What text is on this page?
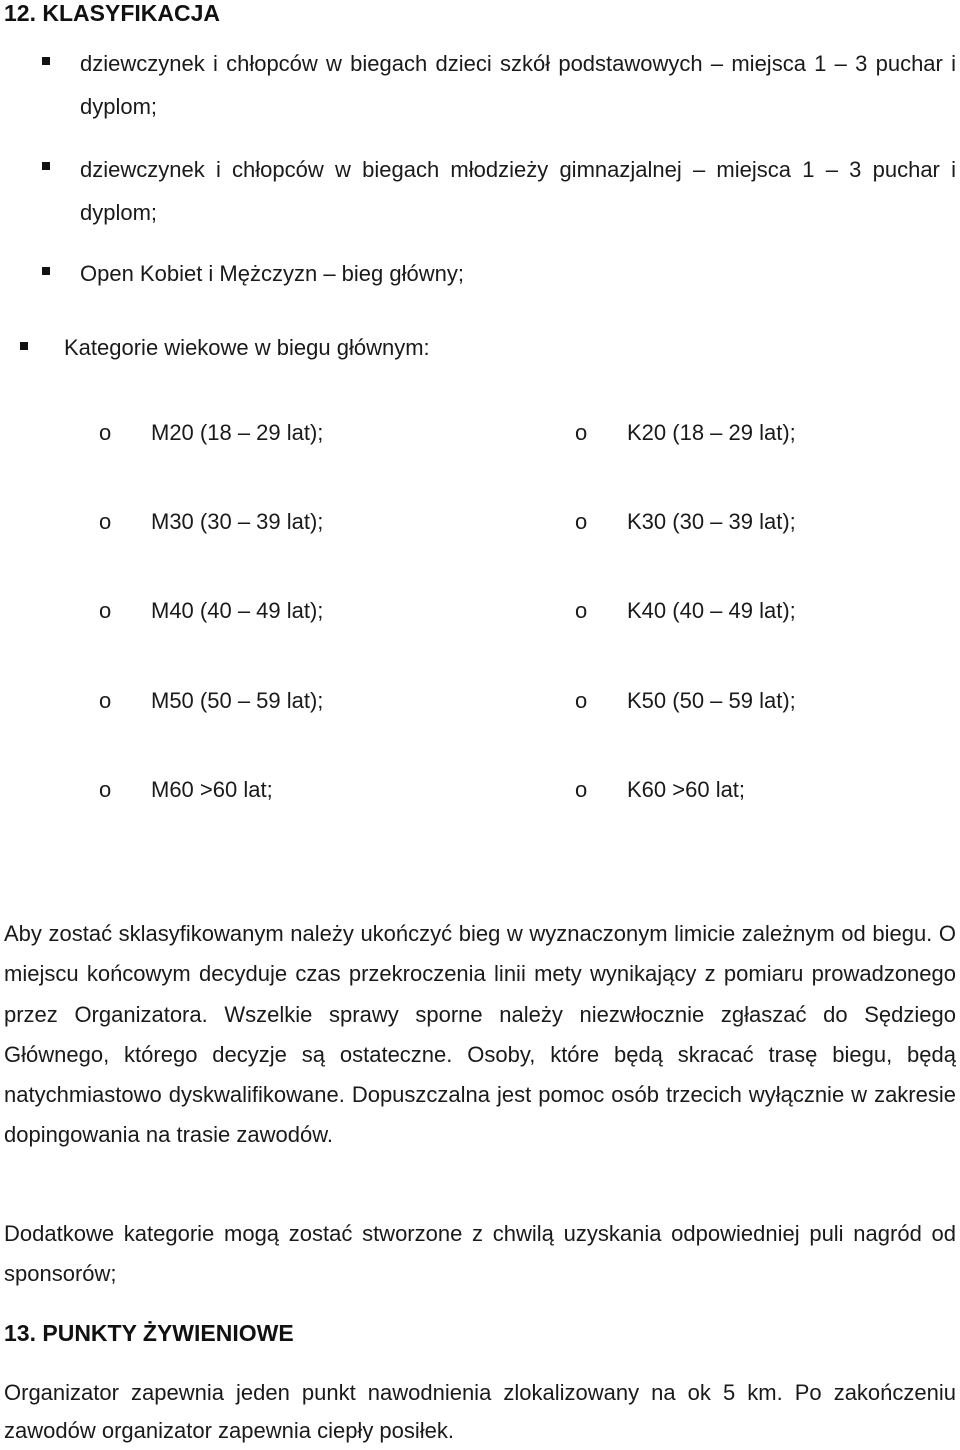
12. KLASYFIKACJA
dziewczynek i chłopców w biegach dzieci szkół podstawowych – miejsca 1 – 3 puchar i dyplom;
dziewczynek i chłopców w biegach młodzieży gimnazjalnej – miejsca 1 – 3 puchar i dyplom;
Open Kobiet i Mężczyzn – bieg główny;
Kategorie wiekowe w biegu głównym:
o M20 (18 – 29 lat);
o M30 (30 – 39 lat);
o M40 (40 – 49 lat);
o M50 (50 – 59 lat);
o M60 >60 lat;
o K20 (18 – 29 lat);
o K30 (30 – 39 lat);
o K40 (40 – 49 lat);
o K50 (50 – 59 lat);
o K60 >60 lat;
Aby zostać sklasyfikowanym należy ukończyć bieg w wyznaczonym limicie zależnym od biegu. O miejscu końcowym decyduje czas przekroczenia linii mety wynikający z pomiaru prowadzonego przez Organizatora. Wszelkie sprawy sporne należy niezwłocznie zgłaszać do Sędziego Głównego, którego decyzje są ostateczne. Osoby, które będą skracać trasę biegu, będą natychmiastowo dyskwalifikowane. Dopuszczalna jest pomoc osób trzecich wyłącznie w zakresie dopingowania na trasie zawodów.
Dodatkowe kategorie mogą zostać stworzone z chwilą uzyskania odpowiedniej puli nagród od sponsorów;
13. PUNKTY ŻYWIENIOWE
Organizator zapewnia jeden punkt nawodnienia zlokalizowany na ok 5 km. Po zakończeniu zawodów organizator zapewnia ciepły posiłek.
